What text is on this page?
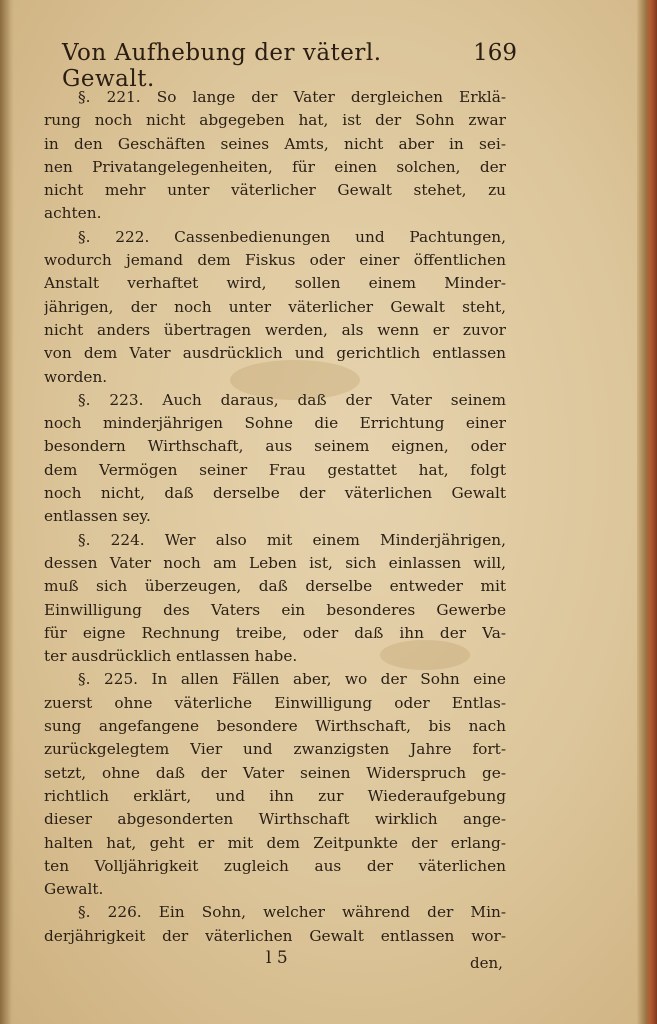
Von Aufhebung der väterl. Gewalt.
169
§. 221. So lange der Vater dergleichen Erklä-
rung noch nicht abgegeben hat, ist der Sohn zwar
in den Geschäften seines Amts, nicht aber in sei-
nen Privatangelegenheiten, für einen solchen, der
nicht mehr unter väterlicher Gewalt stehet, zu
achten.
§. 222. Cassenbedienungen und Pachtungen,
wodurch jemand dem Fiskus oder einer öffentlichen
Anstalt verhaftet wird, sollen einem Minder-
jährigen, der noch unter väterlicher Gewalt steht,
nicht anders übertragen werden, als wenn er zuvor
von dem Vater ausdrücklich und gerichtlich entlassen
worden.
§. 223. Auch daraus, daß der Vater seinem
noch minderjährigen Sohne die Errichtung einer
besondern Wirthschaft, aus seinem eignen, oder
dem Vermögen seiner Frau gestattet hat, folgt
noch nicht, daß derselbe der väterlichen Gewalt
entlassen sey.
§. 224. Wer also mit einem Minderjährigen,
dessen Vater noch am Leben ist, sich einlassen will,
muß sich überzeugen, daß derselbe entweder mit
Einwilligung des Vaters ein besonderes Gewerbe
für eigne Rechnung treibe, oder daß ihn der Va-
ter ausdrücklich entlassen habe.
§. 225. In allen Fällen aber, wo der Sohn eine
zuerst ohne väterliche Einwilligung oder Entlas-
sung angefangene besondere Wirthschaft, bis nach
zurückgelegtem Vier und zwanzigsten Jahre fort-
setzt, ohne daß der Vater seinen Widerspruch ge-
richtlich erklärt, und ihn zur Wiederaufgebung
dieser abgesonderten Wirthschaft wirklich ange-
halten hat, geht er mit dem Zeitpunkte der erlang-
ten Volljährigkeit zugleich aus der väterlichen
Gewalt.
§. 226. Ein Sohn, welcher während der Min-
derjährigkeit der väterlichen Gewalt entlassen wor-
l 5	den,
